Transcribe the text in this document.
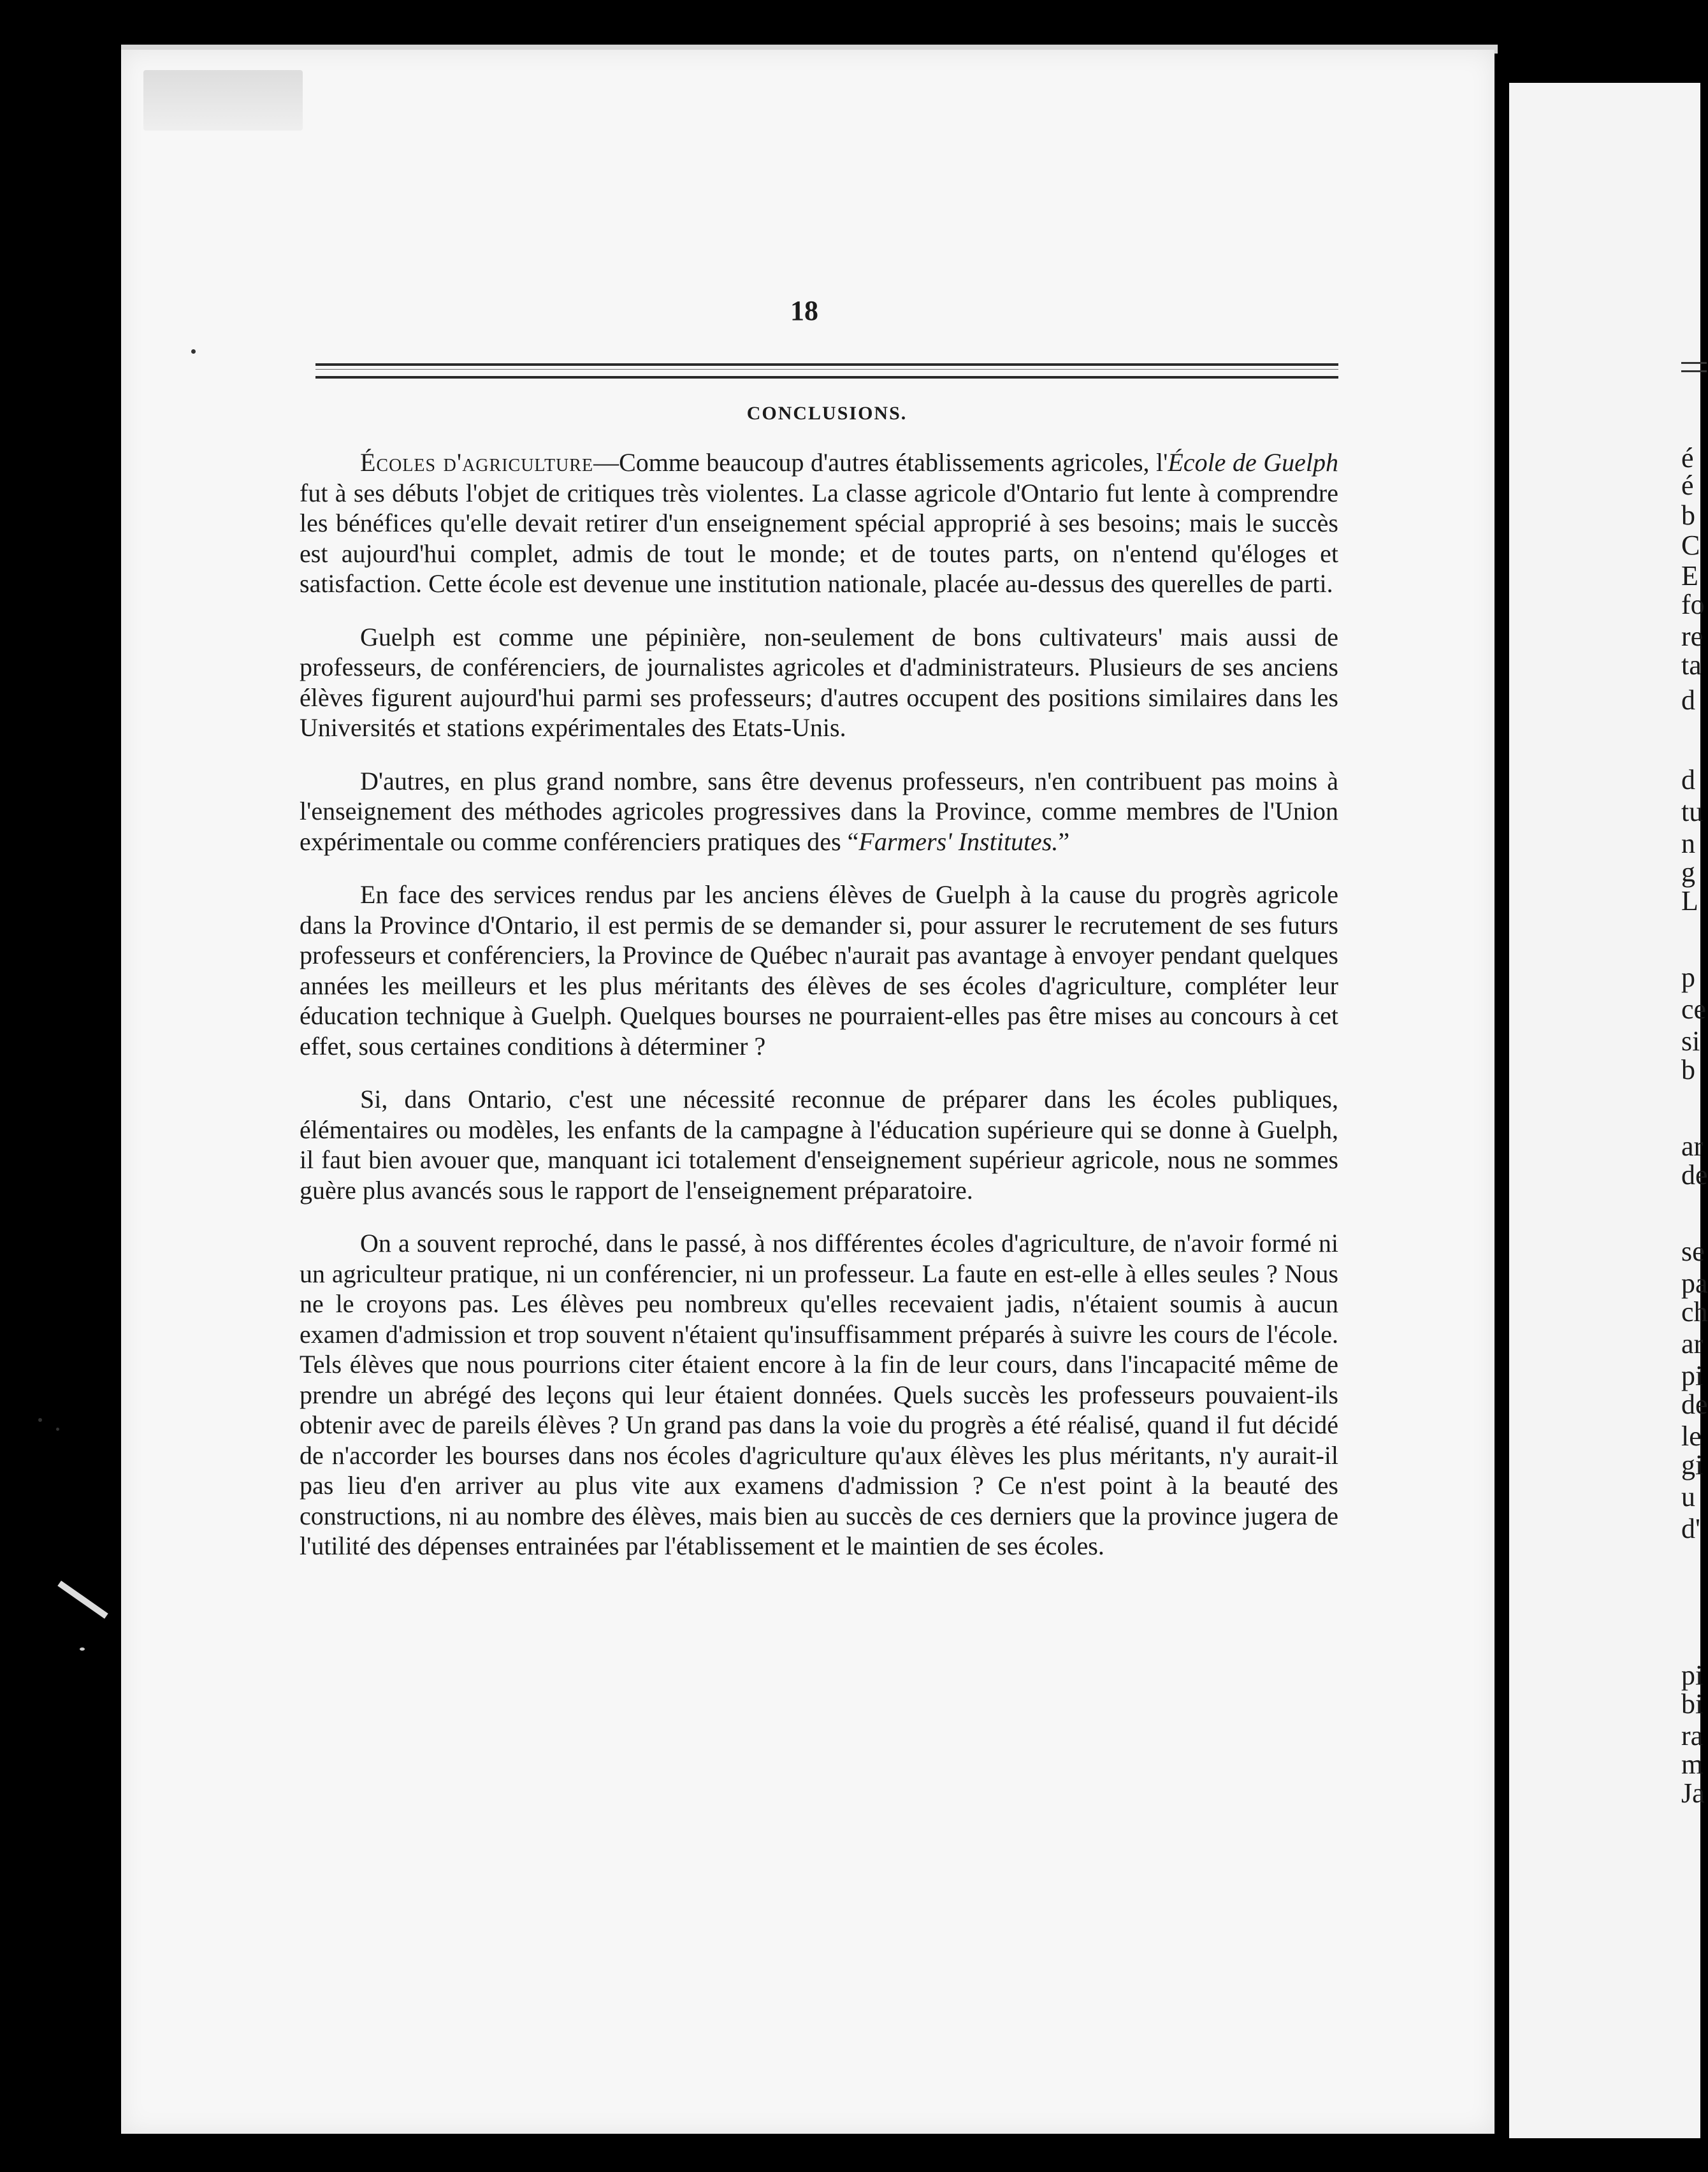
é
é
b
C
E
fo
re
ta
d
d
tu
n
g
L
p
ce
si
b
ar
de
se
pa
ch
ar
pi
de
le
gi
u
d'
pi
bi
ra
m
Ja
18
CONCLUSIONS.

Écoles d'agriculture—Comme beaucoup d'autres établissements agricoles, l'École de Guelph fut à ses débuts l'objet de critiques très violentes. La classe agricole d'Ontario fut lente à comprendre les bénéfices qu'elle devait retirer d'un enseignement spécial approprié à ses besoins; mais le succès est aujourd'hui complet, admis de tout le monde; et de toutes parts, on n'entend qu'éloges et satisfaction. Cette école est devenue une institution nationale, placée au-dessus des querelles de parti.

Guelph est comme une pépinière, non-seulement de bons cultivateurs' mais aussi de professeurs, de conférenciers, de journalistes agricoles et d'administrateurs. Plusieurs de ses anciens élèves figurent aujourd'hui parmi ses professeurs; d'autres occupent des positions similaires dans les Universités et stations expérimentales des Etats-Unis.

D'autres, en plus grand nombre, sans être devenus professeurs, n'en contribuent pas moins à l'enseignement des méthodes agricoles progressives dans la Province, comme membres de l'Union expérimentale ou comme conférenciers pratiques des “Farmers' Institutes.”

En face des services rendus par les anciens élèves de Guelph à la cause du progrès agricole dans la Province d'Ontario, il est permis de se demander si, pour assurer le recrutement de ses futurs professeurs et conférenciers, la Province de Québec n'aurait pas avantage à envoyer pendant quelques années les meilleurs et les plus méritants des élèves de ses écoles d'agriculture, compléter leur éducation technique à Guelph. Quelques bourses ne pourraient-elles pas être mises au concours à cet effet, sous certaines conditions à déterminer ?

Si, dans Ontario, c'est une nécessité reconnue de préparer dans les écoles publiques, élémentaires ou modèles, les enfants de la campagne à l'éducation supérieure qui se donne à Guelph, il faut bien avouer que, manquant ici totalement d'enseignement supérieur agricole, nous ne sommes guère plus avancés sous le rapport de l'enseignement préparatoire.

On a souvent reproché, dans le passé, à nos différentes écoles d'agriculture, de n'avoir formé ni un agriculteur pratique, ni un conférencier, ni un professeur. La faute en est-elle à elles seules ? Nous ne le croyons pas. Les élèves peu nombreux qu'elles recevaient jadis, n'étaient soumis à aucun examen d'admission et trop souvent n'étaient qu'insuffisamment préparés à suivre les cours de l'école. Tels élèves que nous pourrions citer étaient encore à la fin de leur cours, dans l'incapacité même de prendre un abrégé des leçons qui leur étaient données. Quels succès les professeurs pouvaient-ils obtenir avec de pareils élèves ? Un grand pas dans la voie du progrès a été réalisé, quand il fut décidé de n'accorder les bourses dans nos écoles d'agriculture qu'aux élèves les plus méritants, n'y aurait-il pas lieu d'en arriver au plus vite aux examens d'admission ? Ce n'est point à la beauté des constructions, ni au nombre des élèves, mais bien au succès de ces derniers que la province jugera de l'utilité des dépenses entrainées par l'établissement et le maintien de ses écoles.
